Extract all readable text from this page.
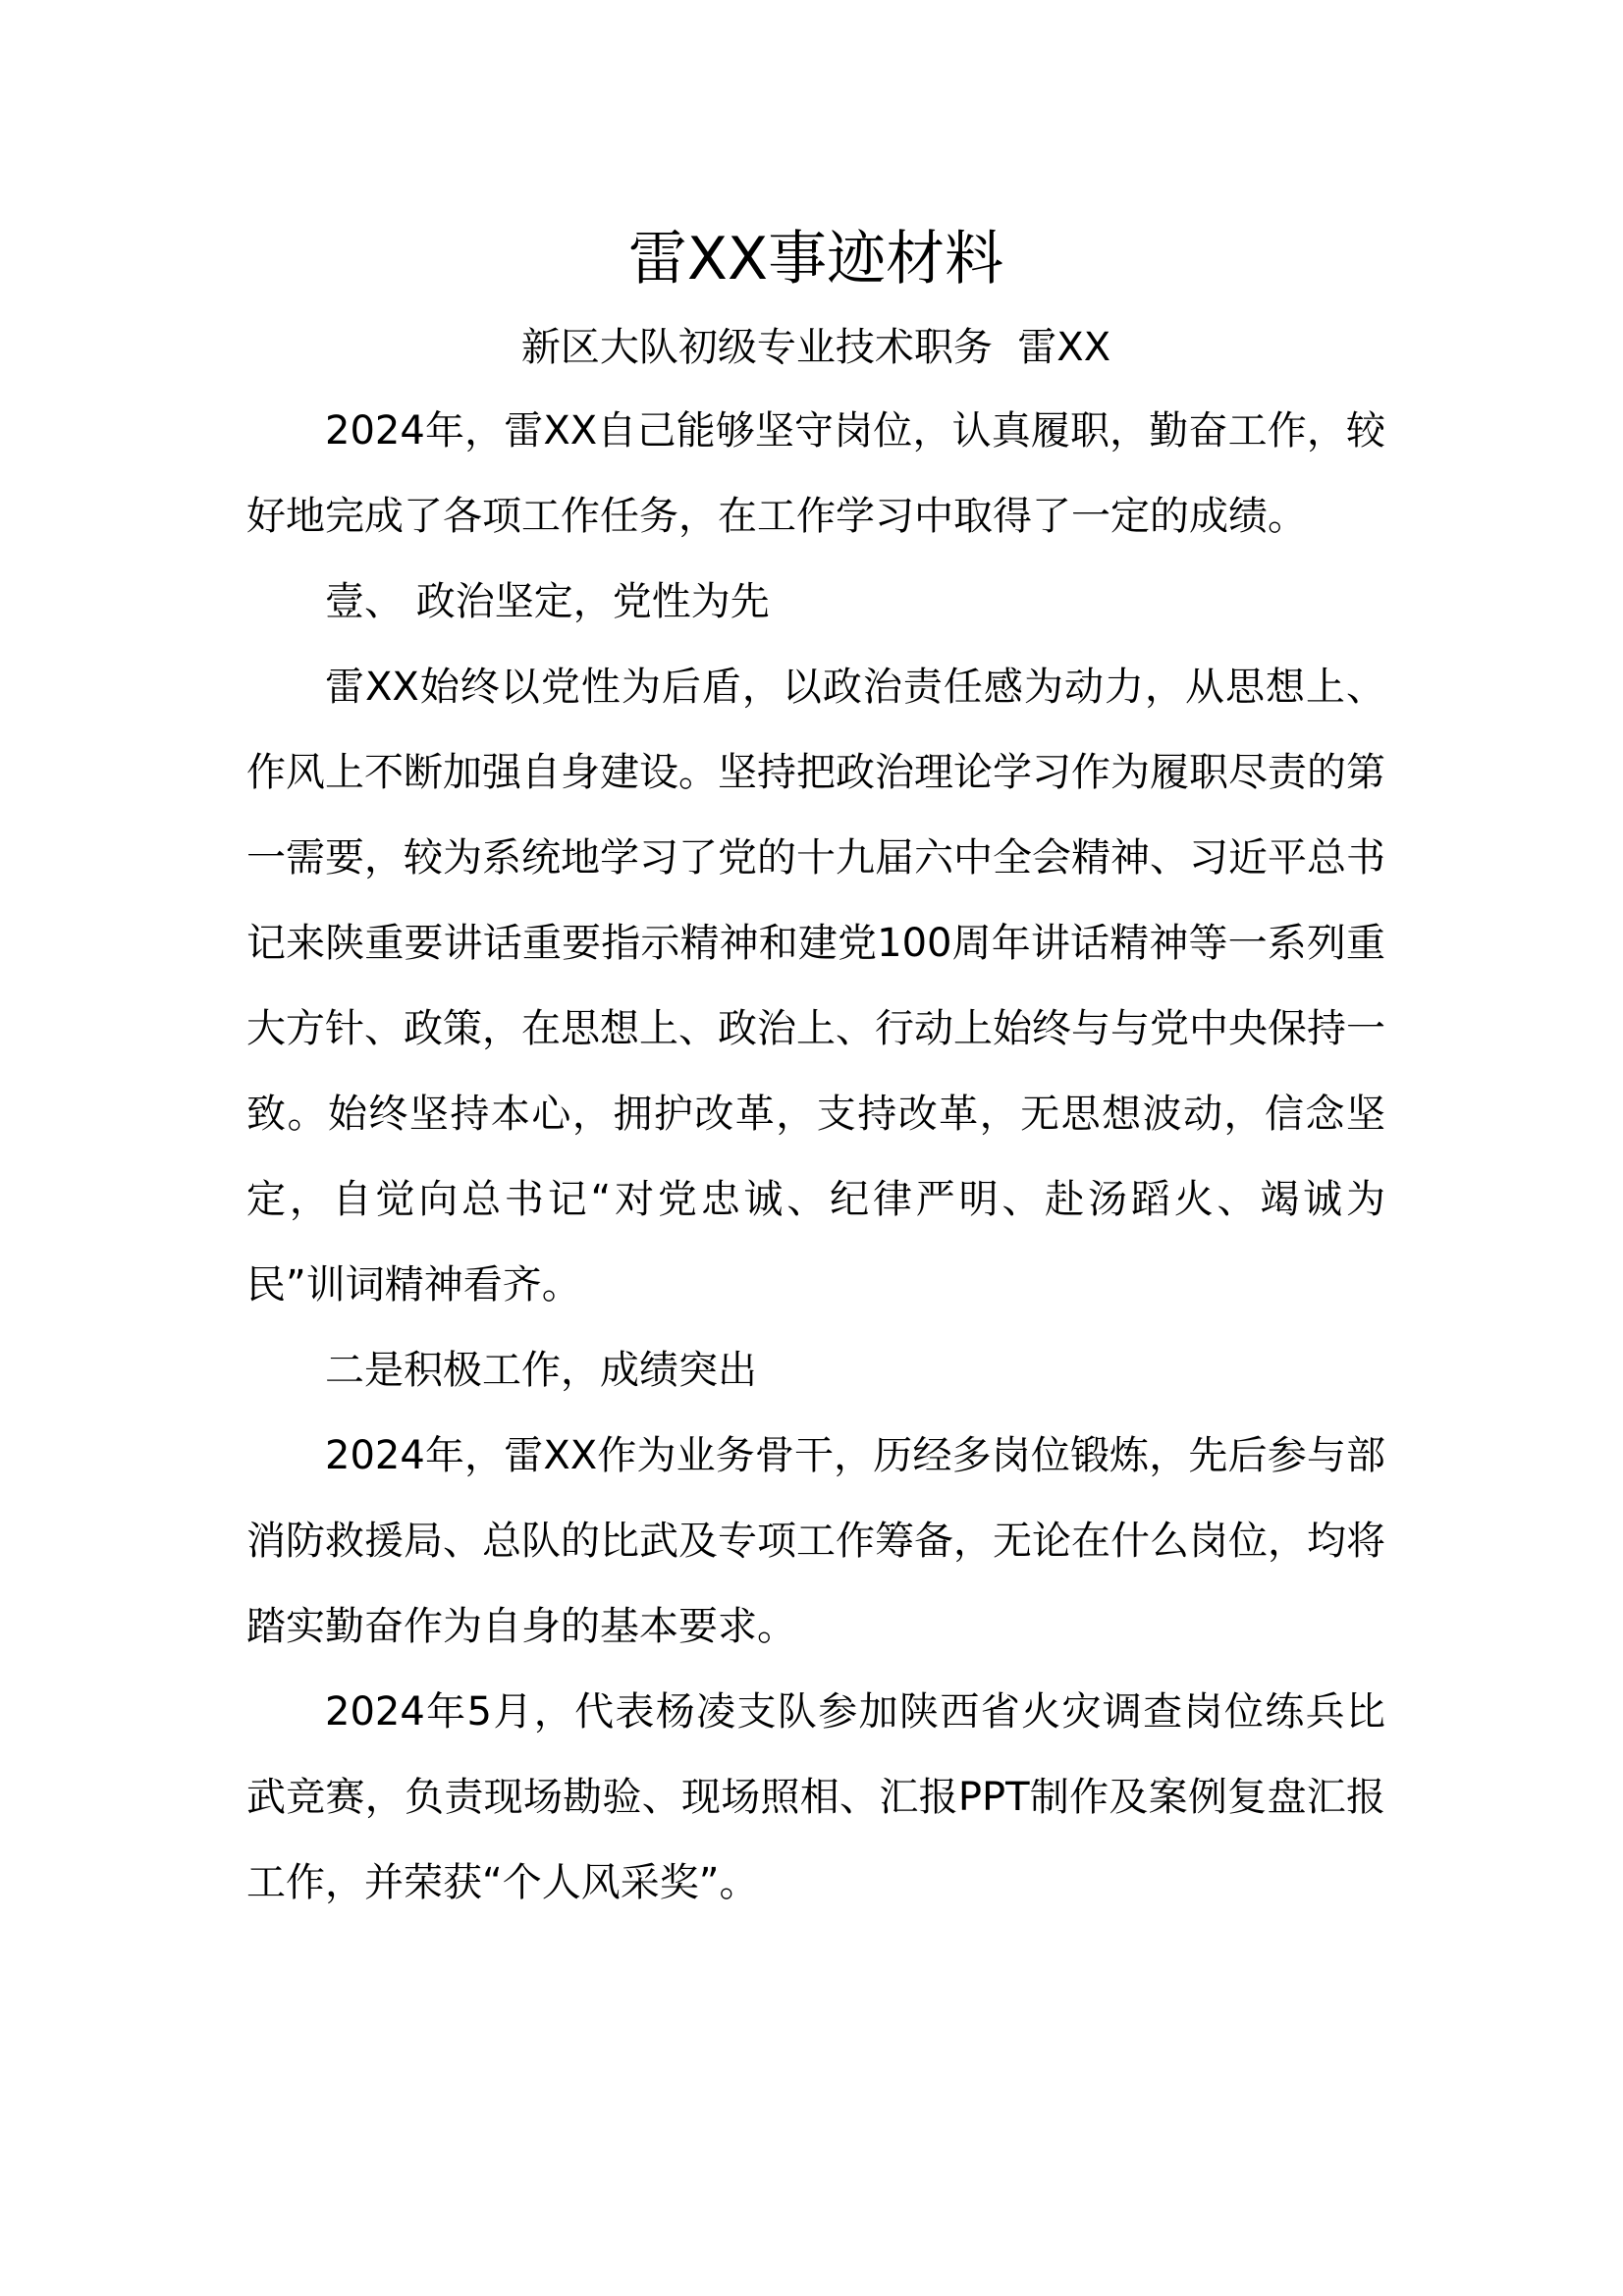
雷XX事迹材料

新区大队初级专业技术职务  雷XX

2024年，雷XX自己能够坚守岗位，认真履职，勤奋工作，较好地完成了各项工作任务，在工作学习中取得了一定的成绩。

壹、 政治坚定，党性为先

雷XX始终以党性为后盾，以政治责任感为动力，从思想上、作风上不断加强自身建设。坚持把政治理论学习作为履职尽责的第一需要，较为系统地学习了党的十九届六中全会精神、习近平总书记来陕重要讲话重要指示精神和建党100周年讲话精神等一系列重大方针、政策，在思想上、政治上、行动上始终与与党中央保持一致。始终坚持本心，拥护改革，支持改革，无思想波动，信念坚定，自觉向总书记“对党忠诚、纪律严明、赴汤蹈火、竭诚为民”训词精神看齐。

二是积极工作，成绩突出

2024年，雷XX作为业务骨干，历经多岗位锻炼，先后参与部消防救援局、总队的比武及专项工作筹备，无论在什么岗位，均将踏实勤奋作为自身的基本要求。

2024年5月，代表杨凌支队参加陕西省火灾调查岗位练兵比武竞赛，负责现场勘验、现场照相、汇报PPT制作及案例复盘汇报工作，并荣获“个人风采奖”。
